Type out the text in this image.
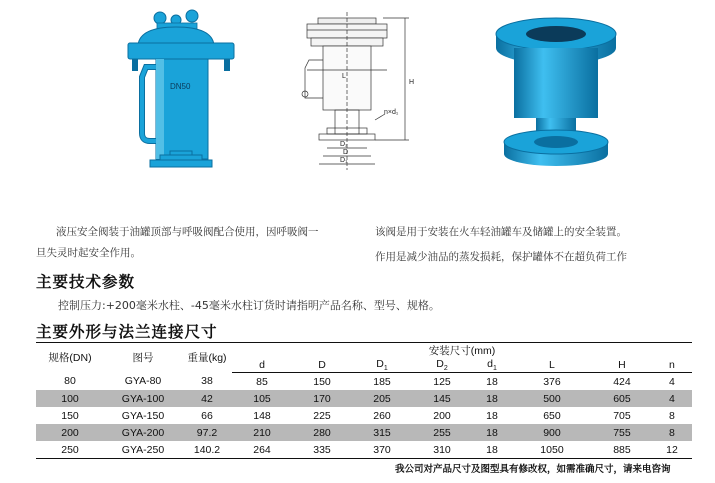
DN50
L
H
n×d₁
D₂
D
D₁
液压安全阀装于油罐顶部与呼吸阀配合使用，因呼吸阀一
旦失灵时起安全作用。
该阀是用于安装在火车轻油罐车及储罐上的安全装置。
作用是减少油品的蒸发损耗，保护罐体不在超负荷工作
主要技术参数
控制压力:+200毫米水柱、-45毫米水柱订货时请指明产品名称、型号、规格。
主要外形与法兰连接尺寸
规格(DN)	图号	重量(kg)	安装尺寸(mm)							
			d	D	$D_1$	$D_2$	$d_1$	L	H	n
80	GYA-80	38	85	150	185	125	18	376	424	4
100	GYA-100	42	105	170	205	145	18	500	605	4
150	GYA-150	66	148	225	260	200	18	650	705	8
200	GYA-200	97.2	210	280	315	255	18	900	755	8
250	GYA-250	140.2	264	335	370	310	18	1050	885	12
我公司对产品尺寸及图型具有修改权，如需准确尺寸，请来电咨询
